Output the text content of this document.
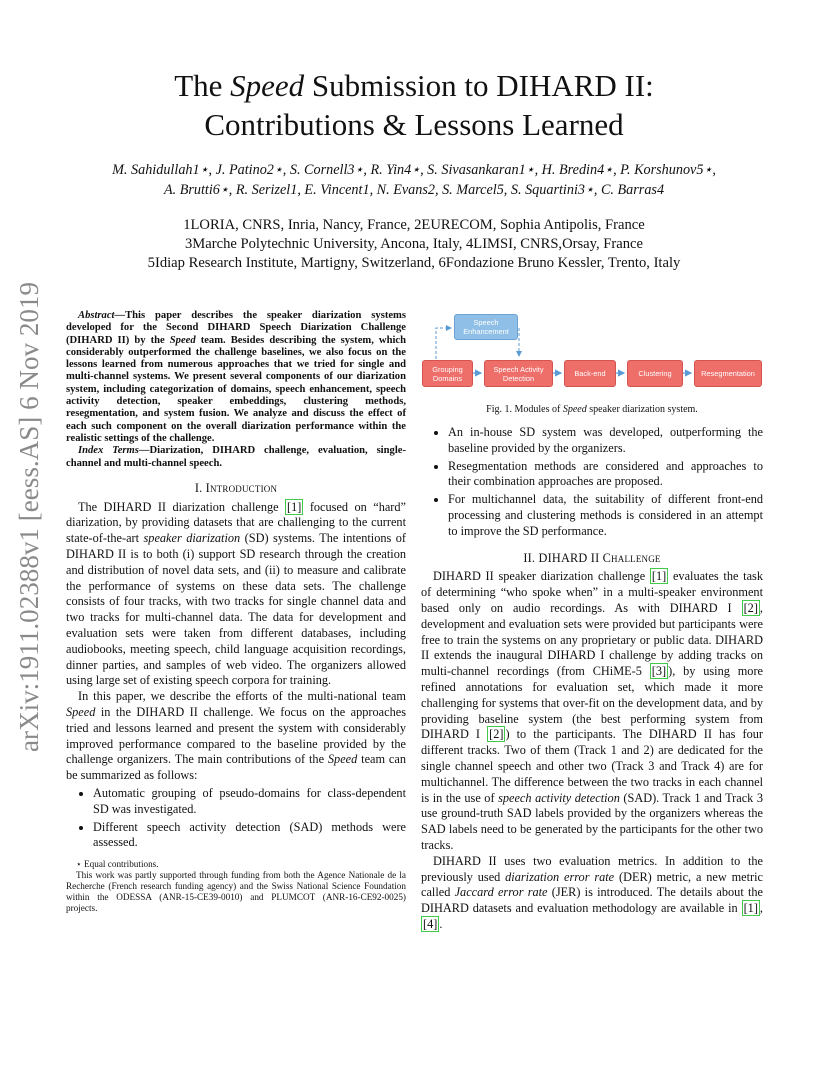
arXiv:1911.02388v1 [eess.AS] 6 Nov 2019
The Speed Submission to DIHARD II:
Contributions & Lessons Learned
M. Sahidullah1⋆, J. Patino2⋆, S. Cornell3⋆, R. Yin4⋆, S. Sivasankaran1⋆, H. Bredin4⋆, P. Korshunov5⋆,
A. Brutti6⋆, R. Serizel1, E. Vincent1, N. Evans2, S. Marcel5, S. Squartini3⋆, C. Barras4
1LORIA, CNRS, Inria, Nancy, France, 2EURECOM, Sophia Antipolis, France
3Marche Polytechnic University, Ancona, Italy, 4LIMSI, CNRS,Orsay, France
5Idiap Research Institute, Martigny, Switzerland, 6Fondazione Bruno Kessler, Trento, Italy

Abstract—This paper describes the speaker diarization systems developed for the Second DIHARD Speech Diarization Challenge (DIHARD II) by the Speed team. Besides describing the system, which considerably outperformed the challenge baselines, we also focus on the lessons learned from numerous approaches that we tried for single and multi-channel systems. We present several components of our diarization system, including categorization of domains, speech enhancement, speech activity detection, speaker embeddings, clustering methods, resegmentation, and system fusion. We analyze and discuss the effect of each such component on the overall diarization performance within the realistic settings of the challenge.

Index Terms—Diarization, DIHARD challenge, evaluation, single-channel and multi-channel speech.

I. Introduction

The DIHARD II diarization challenge [1] focused on “hard” diarization, by providing datasets that are challenging to the current state-of-the-art speaker diarization (SD) systems. The intentions of DIHARD II is to both (i) support SD research through the creation and distribution of novel data sets, and (ii) to measure and calibrate the performance of systems on these data sets. The challenge consists of four tracks, with two tracks for single channel data and two tracks for multi-channel data. The data for development and evaluation sets were taken from different databases, including audiobooks, meeting speech, child language acquisition recordings, dinner parties, and samples of web video. The organizers allowed using large set of existing speech corpora for training.

In this paper, we describe the efforts of the multi-national team Speed in the DIHARD II challenge. We focus on the approaches tried and lessons learned and present the system with considerably improved performance compared to the baseline provided by the challenge organizers. The main contributions of the Speed team can be summarized as follows:

• Automatic grouping of pseudo-domains for class-dependent SD was investigated.
• Different speech activity detection (SAD) methods were assessed.

⋆ Equal contributions.

This work was partly supported through funding from both the Agence Nationale de la Recherche (French research funding agency) and the Swiss National Science Foundation within the ODESSA (ANR-15-CE39-0010) and PLUMCOT (ANR-16-CE92-0025) projects.

Speech Enhancement
Grouping Domains
Speech Activity Detection	Back-end	Clustering	Resegmentation
Fig. 1. Modules of Speed speaker diarization system.
• An in-house SD system was developed, outperforming the baseline provided by the organizers.
• Resegmentation methods are considered and approaches to their combination approaches are proposed.
• For multichannel data, the suitability of different front-end processing and clustering methods is considered in an attempt to improve the SD performance.
II. DIHARD II Challenge

DIHARD II speaker diarization challenge [1] evaluates the task of determining “who spoke when” in a multi-speaker environment based only on audio recordings. As with DIHARD I [2] , development and evaluation sets were provided but participants were free to train the systems on any proprietary or public data. DIHARD II extends the inaugural DIHARD I challenge by adding tracks on multi-channel recordings (from CHiME-5 [3] ), by using more refined annotations for evaluation set, which made it more challenging for systems that over-fit on the development data, and by providing baseline system (the best performing system from DIHARD I [2] ) to the participants. The DIHARD II has four different tracks. Two of them (Track 1 and 2) are dedicated for the single channel speech and other two (Track 3 and Track 4) are for multichannel. The difference between the two tracks in each channel is in the use of speech activity detection (SAD). Track 1 and Track 3 use ground-truth SAD labels provided by the organizers whereas the SAD labels need to be generated by the participants for the other two tracks.

DIHARD II uses two evaluation metrics. In addition to the previously used diarization error rate (DER) metric, a new metric called Jaccard error rate (JER) is introduced. The details about the DIHARD datasets and evaluation methodology are available in [1] , [4] .
